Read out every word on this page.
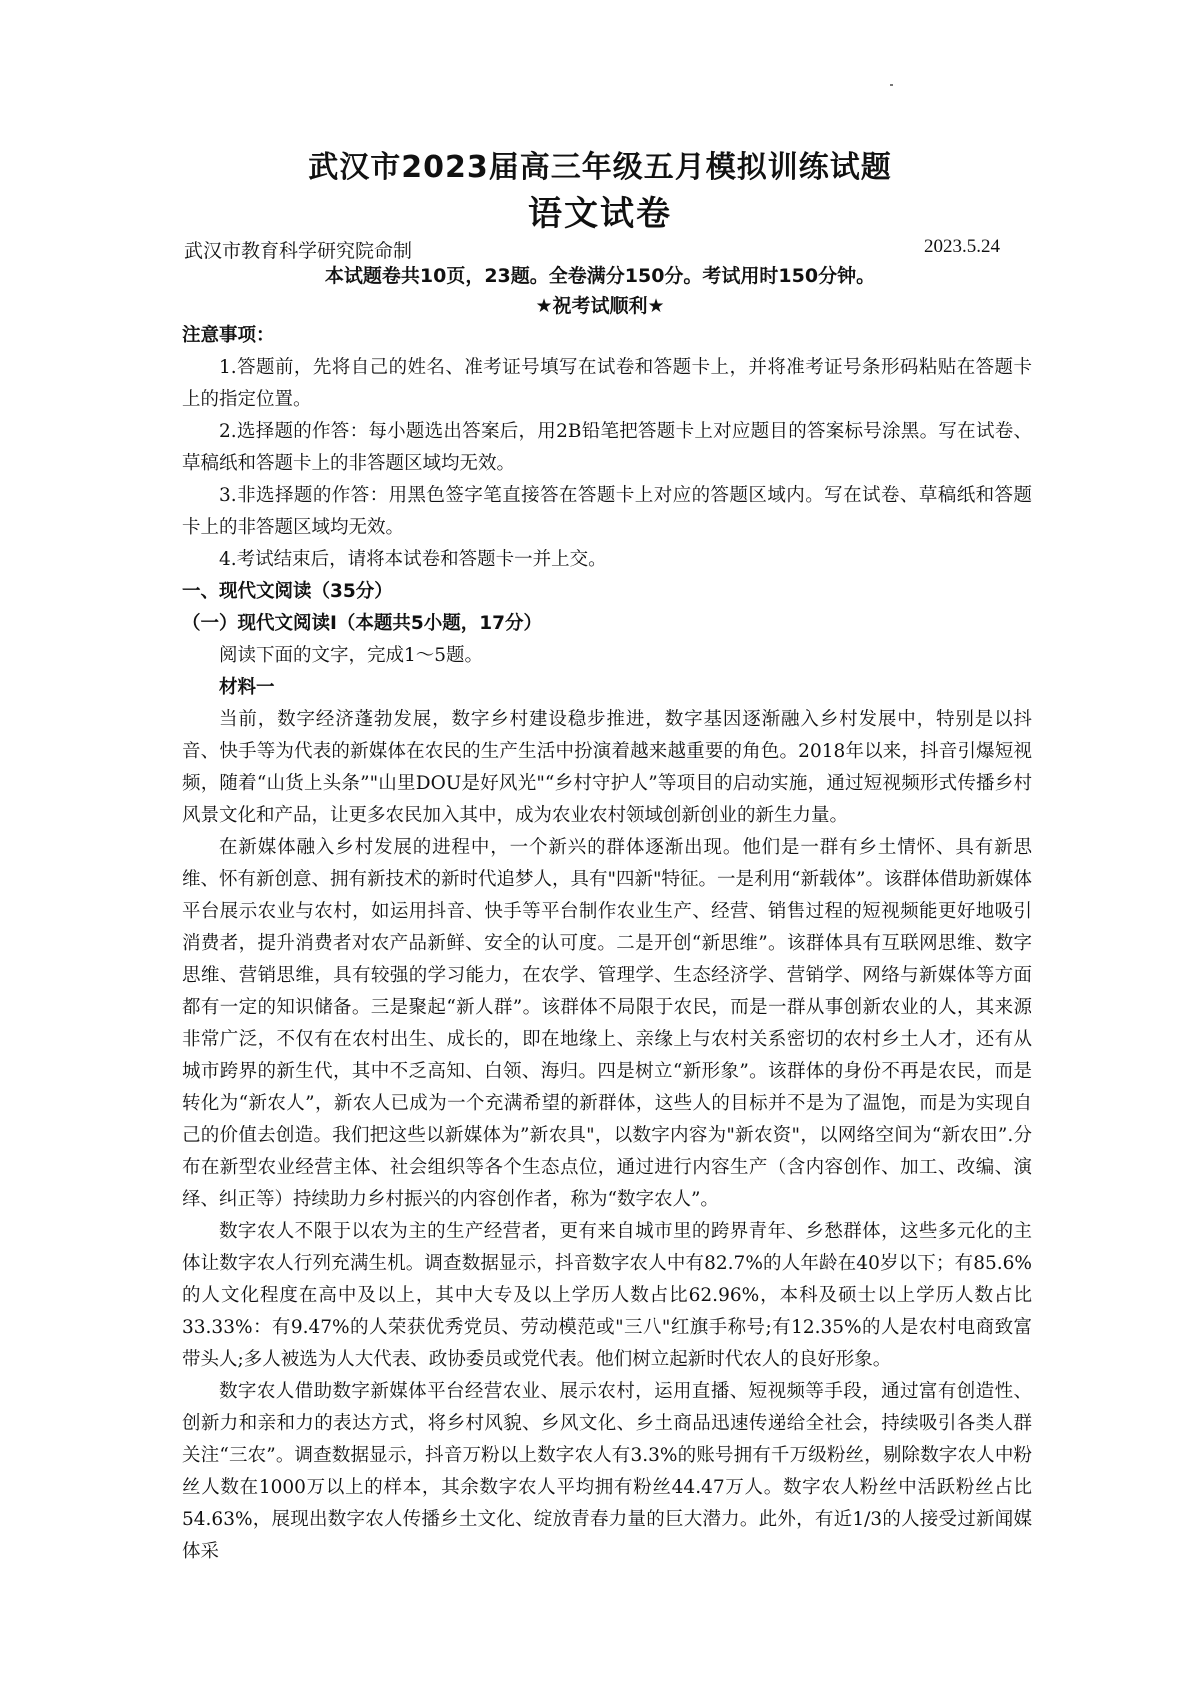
武汉市2023届高三年级五月模拟训练试题
语文试卷
武汉市教育科学研究院命制	2023.5.24
本试题卷共10页，23题。全卷满分150分。考试用时150分钟。
★祝考试顺利★

注意事项：

1.答题前，先将自己的姓名、准考证号填写在试卷和答题卡上，并将准考证号条形码粘贴在答题卡上的指定位置。

2.选择题的作答：每小题选出答案后，用2B铅笔把答题卡上对应题目的答案标号涂黑。写在试卷、草稿纸和答题卡上的非答题区域均无效。

3.非选择题的作答：用黑色签字笔直接答在答题卡上对应的答题区域内。写在试卷、草稿纸和答题卡上的非答题区域均无效。

4.考试结束后，请将本试卷和答题卡一并上交。

一、现代文阅读（35分）

（一）现代文阅读Ⅰ（本题共5小题，17分）

阅读下面的文字，完成1～5题。

材料一

当前，数字经济蓬勃发展，数字乡村建设稳步推进，数字基因逐渐融入乡村发展中，特别是以抖音、快手等为代表的新媒体在农民的生产生活中扮演着越来越重要的角色。2018年以来，抖音引爆短视频，随着“山货上头条”"山里DOU是好风光"“乡村守护人”等项目的启动实施，通过短视频形式传播乡村风景文化和产品，让更多农民加入其中，成为农业农村领域创新创业的新生力量。

在新媒体融入乡村发展的进程中，一个新兴的群体逐渐出现。他们是一群有乡土情怀、具有新思维、怀有新创意、拥有新技术的新时代追梦人，具有"四新"特征。一是利用“新载体”。该群体借助新媒体平台展示农业与农村，如运用抖音、快手等平台制作农业生产、经营、销售过程的短视频能更好地吸引消费者，提升消费者对农产品新鲜、安全的认可度。二是开创“新思维”。该群体具有互联网思维、数字思维、营销思维，具有较强的学习能力，在农学、管理学、生态经济学、营销学、网络与新媒体等方面都有一定的知识储备。三是聚起“新人群”。该群体不局限于农民，而是一群从事创新农业的人，其来源非常广泛，不仅有在农村出生、成长的，即在地缘上、亲缘上与农村关系密切的农村乡土人才，还有从城市跨界的新生代，其中不乏高知、白领、海归。四是树立“新形象”。该群体的身份不再是农民，而是转化为“新农人”，新农人已成为一个充满希望的新群体，这些人的目标并不是为了温饱，而是为实现自己的价值去创造。我们把这些以新媒体为”新农具"，以数字内容为"新农资"，以网络空间为“新农田”.分布在新型农业经营主体、社会组织等各个生态点位，通过进行内容生产（含内容创作、加工、改编、演绎、纠正等）持续助力乡村振兴的内容创作者，称为“数字农人”。

数字农人不限于以农为主的生产经营者，更有来自城市里的跨界青年、乡愁群体，这些多元化的主体让数字农人行列充满生机。调查数据显示，抖音数字农人中有82.7%的人年龄在40岁以下；有85.6%的人文化程度在高中及以上，其中大专及以上学历人数占比62.96%，本科及硕士以上学历人数占比33.33%：有9.47%的人荣获优秀党员、劳动模范或"三八"红旗手称号;有12.35%的人是农村电商致富带头人;多人被选为人大代表、政协委员或党代表。他们树立起新时代农人的良好形象。

数字农人借助数字新媒体平台经营农业、展示农村，运用直播、短视频等手段，通过富有创造性、创新力和亲和力的表达方式，将乡村风貌、乡风文化、乡土商品迅速传递给全社会，持续吸引各类人群关注“三农”。调查数据显示，抖音万粉以上数字农人有3.3%的账号拥有千万级粉丝，剔除数字农人中粉丝人数在1000万以上的样本，其余数字农人平均拥有粉丝44.47万人。数字农人粉丝中活跃粉丝占比54.63%，展现出数字农人传播乡土文化、绽放青春力量的巨大潜力。此外，有近1/3的人接受过新闻媒体采
